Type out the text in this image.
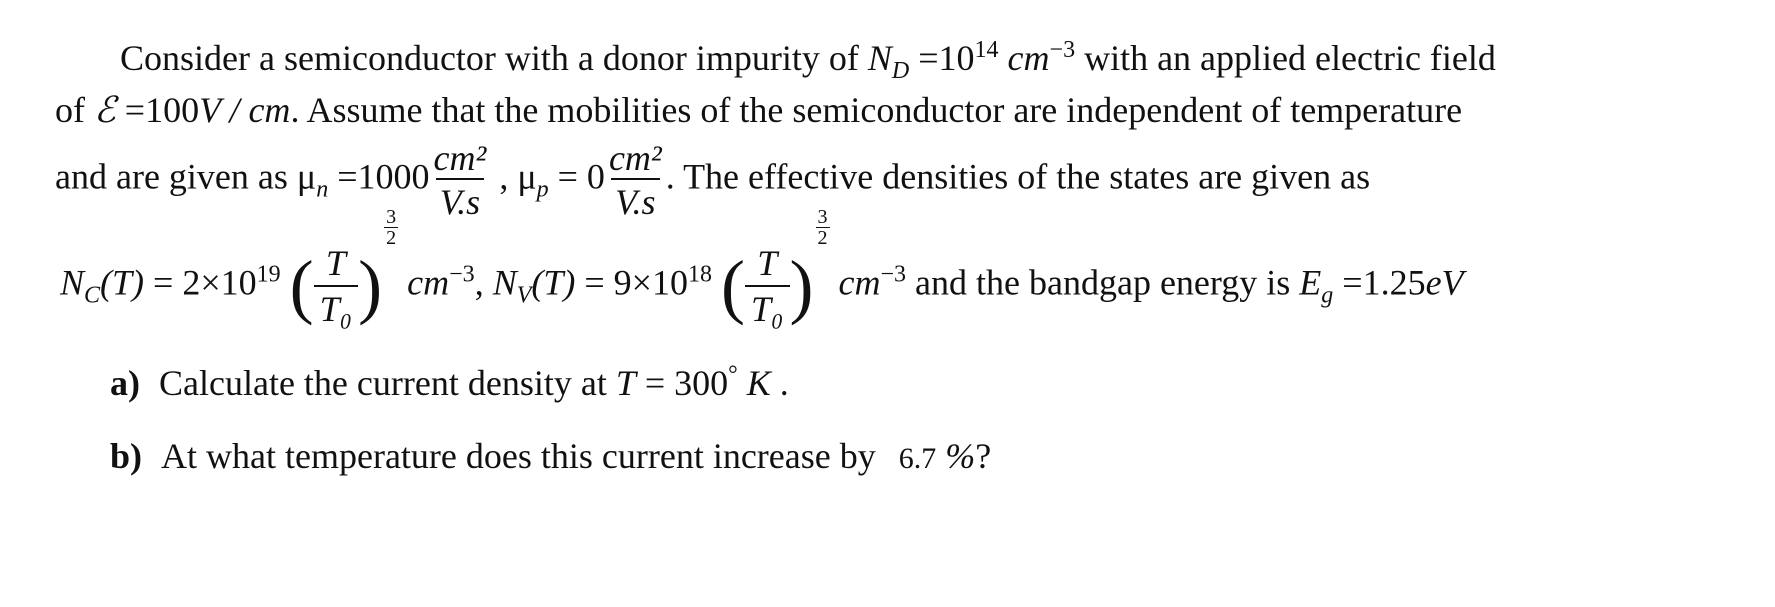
Consider a semiconductor with a donor impurity of $N_D =10^{14}$ $cm^{-3}$ with an applied electric field
of ℰ =100V / cm. Assume that the mobilities of the semiconductor are independent of temperature
and are given as $\mu_n =1000 \frac{\text{cm²}}{V.s}$ , $\mu_p = 0 \frac{\text{cm²}}{V.s}$ . The effective densities of the states are given as
$N_C(T) = 2\times 10^{19}$ ( $\frac{T}{\text{T₀}}$ )
$\frac{3}{2}$
$cm^{-3}$, $N_V(T) = 9\times 10^{18}$ ( $\frac{T}{\text{T₀}}$ )
$\frac{3}{2}$
$cm^{-3}$ and the bandgap energy is $E_g =1.25eV$
a) Calculate the current density at T = 300° K .
b) At what temperature does this current increase by 6.7 %?
